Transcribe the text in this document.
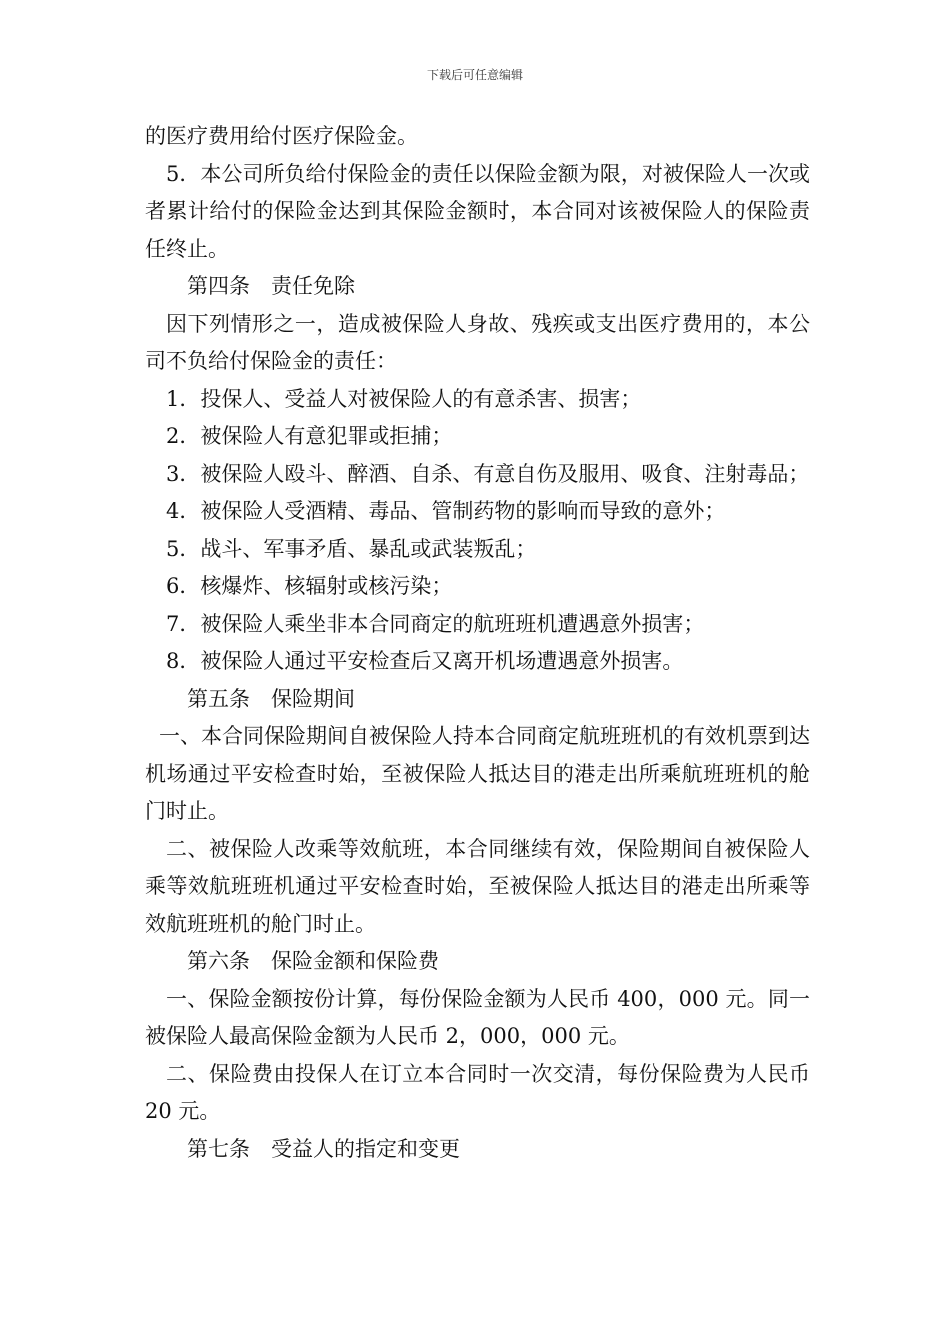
下载后可任意编辑

的医疗费用给付医疗保险金。

5．本公司所负给付保险金的责任以保险金额为限，对被保险人一次或者累计给付的保险金达到其保险金额时，本合同对该被保险人的保险责任终止。

第四条 责任免除

因下列情形之一，造成被保险人身故、残疾或支出医疗费用的，本公司不负给付保险金的责任：

1．投保人、受益人对被保险人的有意杀害、损害；

2．被保险人有意犯罪或拒捕；

3．被保险人殴斗、醉酒、自杀、有意自伤及服用、吸食、注射毒品；

4．被保险人受酒精、毒品、管制药物的影响而导致的意外；

5．战斗、军事矛盾、暴乱或武装叛乱；

6．核爆炸、核辐射或核污染；

7．被保险人乘坐非本合同商定的航班班机遭遇意外损害；

8．被保险人通过平安检查后又离开机场遭遇意外损害。

第五条 保险期间

一、本合同保险期间自被保险人持本合同商定航班班机的有效机票到达机场通过平安检查时始，至被保险人抵达目的港走出所乘航班班机的舱门时止。

二、被保险人改乘等效航班，本合同继续有效，保险期间自被保险人乘等效航班班机通过平安检查时始，至被保险人抵达目的港走出所乘等效航班班机的舱门时止。

第六条 保险金额和保险费

一、保险金额按份计算，每份保险金额为人民币 400，000 元。同一被保险人最高保险金额为人民币 2，000，000 元。

二、保险费由投保人在订立本合同时一次交清，每份保险费为人民币 20 元。

第七条 受益人的指定和变更
